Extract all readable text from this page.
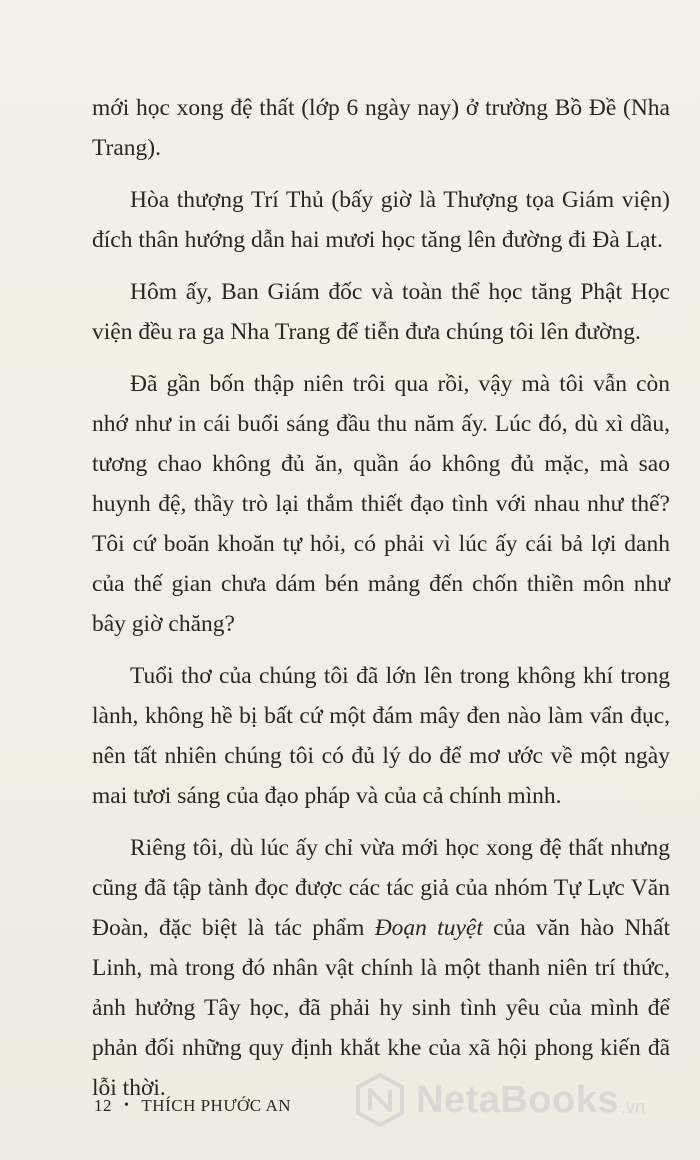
mới học xong đệ thất (lớp 6 ngày nay) ở trường Bồ Đề (Nha Trang).

Hòa thượng Trí Thủ (bấy giờ là Thượng tọa Giám viện) đích thân hướng dẫn hai mươi học tăng lên đường đi Đà Lạt.

Hôm ấy, Ban Giám đốc và toàn thể học tăng Phật Học viện đều ra ga Nha Trang để tiễn đưa chúng tôi lên đường.

Đã gần bốn thập niên trôi qua rồi, vậy mà tôi vẫn còn nhớ như in cái buổi sáng đầu thu năm ấy. Lúc đó, dù xì dầu, tương chao không đủ ăn, quần áo không đủ mặc, mà sao huynh đệ, thầy trò lại thắm thiết đạo tình với nhau như thế? Tôi cứ boăn khoăn tự hỏi, có phải vì lúc ấy cái bả lợi danh của thế gian chưa dám bén mảng đến chốn thiền môn như bây giờ chăng?

Tuổi thơ của chúng tôi đã lớn lên trong không khí trong lành, không hề bị bất cứ một đám mây đen nào làm vẩn đục, nên tất nhiên chúng tôi có đủ lý do để mơ ước về một ngày mai tươi sáng của đạo pháp và của cả chính mình.

Riêng tôi, dù lúc ấy chỉ vừa mới học xong đệ thất nhưng cũng đã tập tành đọc được các tác giả của nhóm Tự Lực Văn Đoàn, đặc biệt là tác phẩm Đoạn tuyệt của văn hào Nhất Linh, mà trong đó nhân vật chính là một thanh niên trí thức, ảnh hưởng Tây học, đã phải hy sinh tình yêu của mình để phản đối những quy định khắt khe của xã hội phong kiến đã lỗi thời.

12 • THÍCH PHƯỚC AN	NetaBooks .vn
